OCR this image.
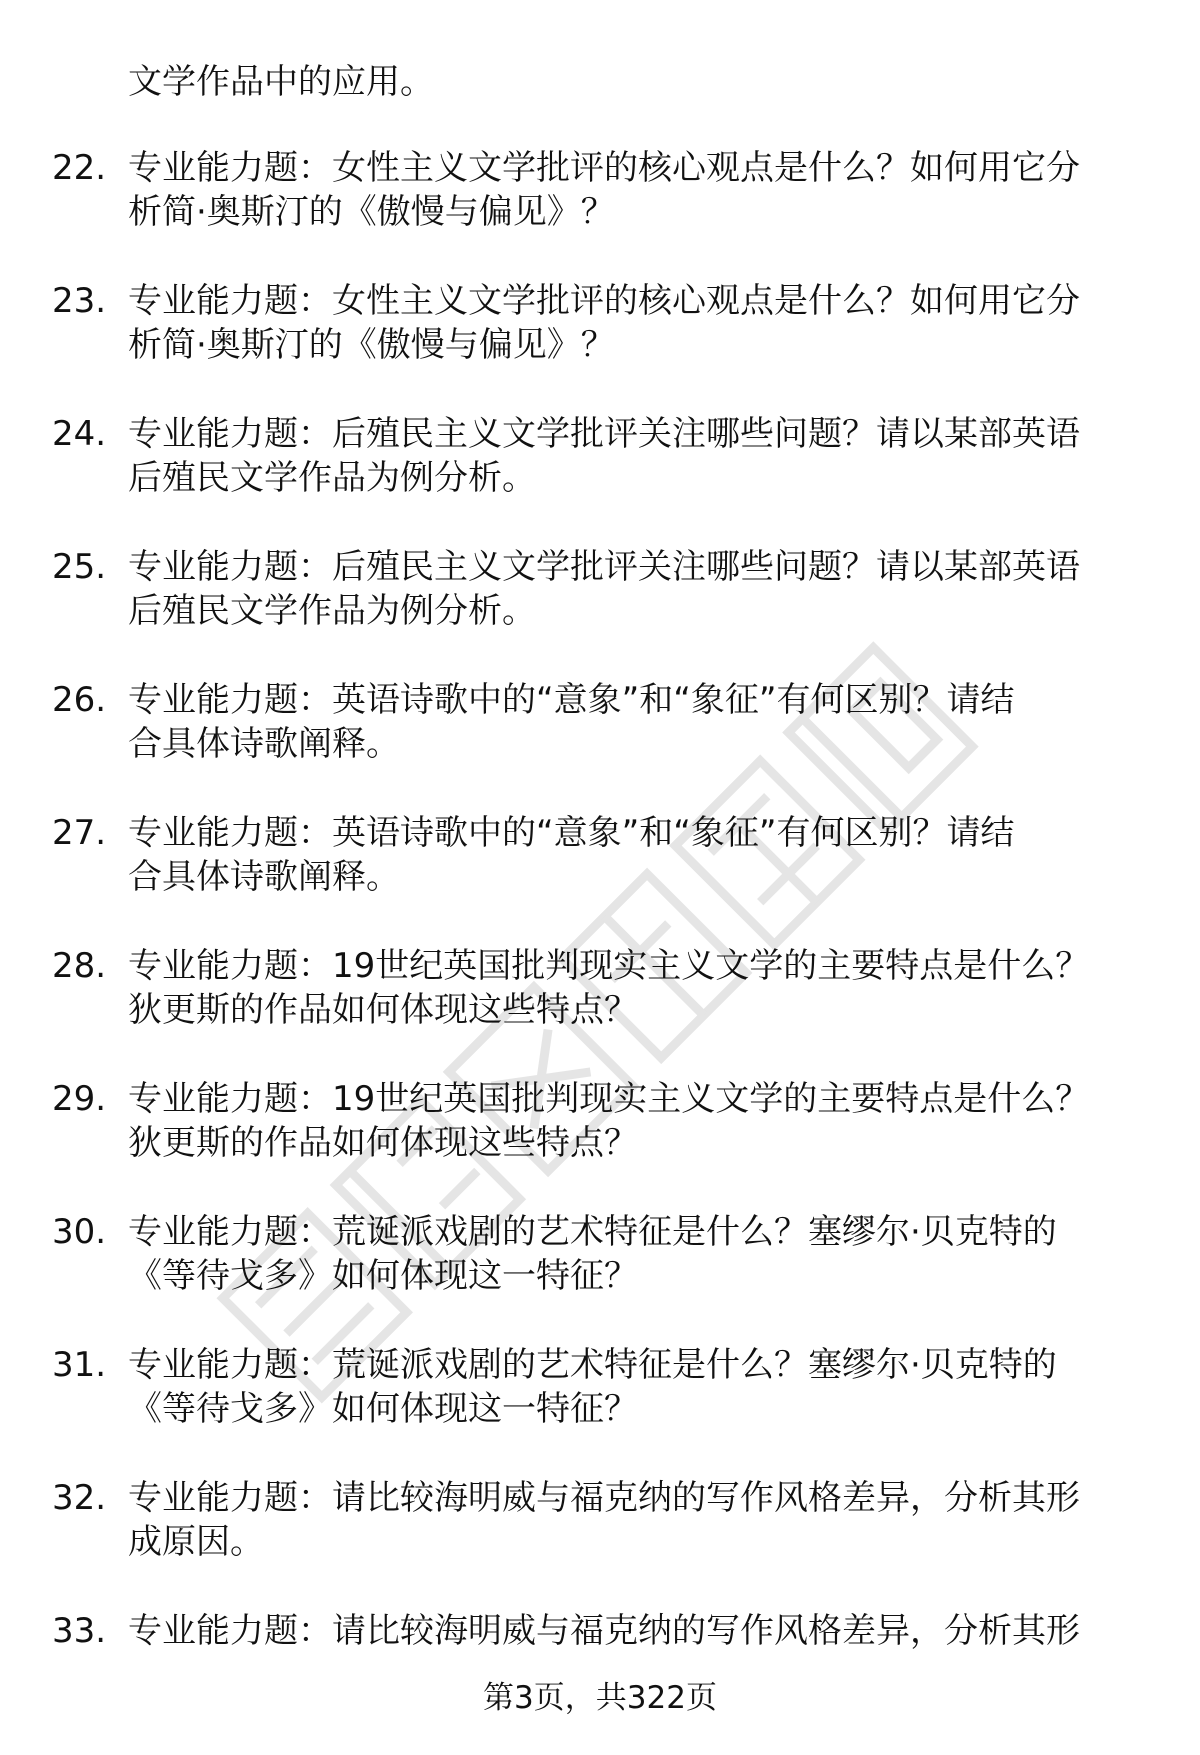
文学作品中的应用。
22. 专业能力题：女性主义文学批评的核心观点是什么？如何用它分
析简·奥斯汀的《傲慢与偏见》？
23. 专业能力题：女性主义文学批评的核心观点是什么？如何用它分
析简·奥斯汀的《傲慢与偏见》？
24. 专业能力题：后殖民主义文学批评关注哪些问题？请以某部英语
后殖民文学作品为例分析。
25. 专业能力题：后殖民主义文学批评关注哪些问题？请以某部英语
后殖民文学作品为例分析。
26. 专业能力题：英语诗歌中的“意象”和“象征”有何区别？请结
合具体诗歌阐释。
27. 专业能力题：英语诗歌中的“意象”和“象征”有何区别？请结
合具体诗歌阐释。
28. 专业能力题：19世纪英国批判现实主义文学的主要特点是什么？
狄更斯的作品如何体现这些特点？
29. 专业能力题：19世纪英国批判现实主义文学的主要特点是什么？
狄更斯的作品如何体现这些特点？
30. 专业能力题：荒诞派戏剧的艺术特征是什么？塞缪尔·贝克特的
《等待戈多》如何体现这一特征？
31. 专业能力题：荒诞派戏剧的艺术特征是什么？塞缪尔·贝克特的
《等待戈多》如何体现这一特征？
32. 专业能力题：请比较海明威与福克纳的写作风格差异，分析其形
成原因。
33. 专业能力题：请比较海明威与福克纳的写作风格差异，分析其形
第3页，共322页
